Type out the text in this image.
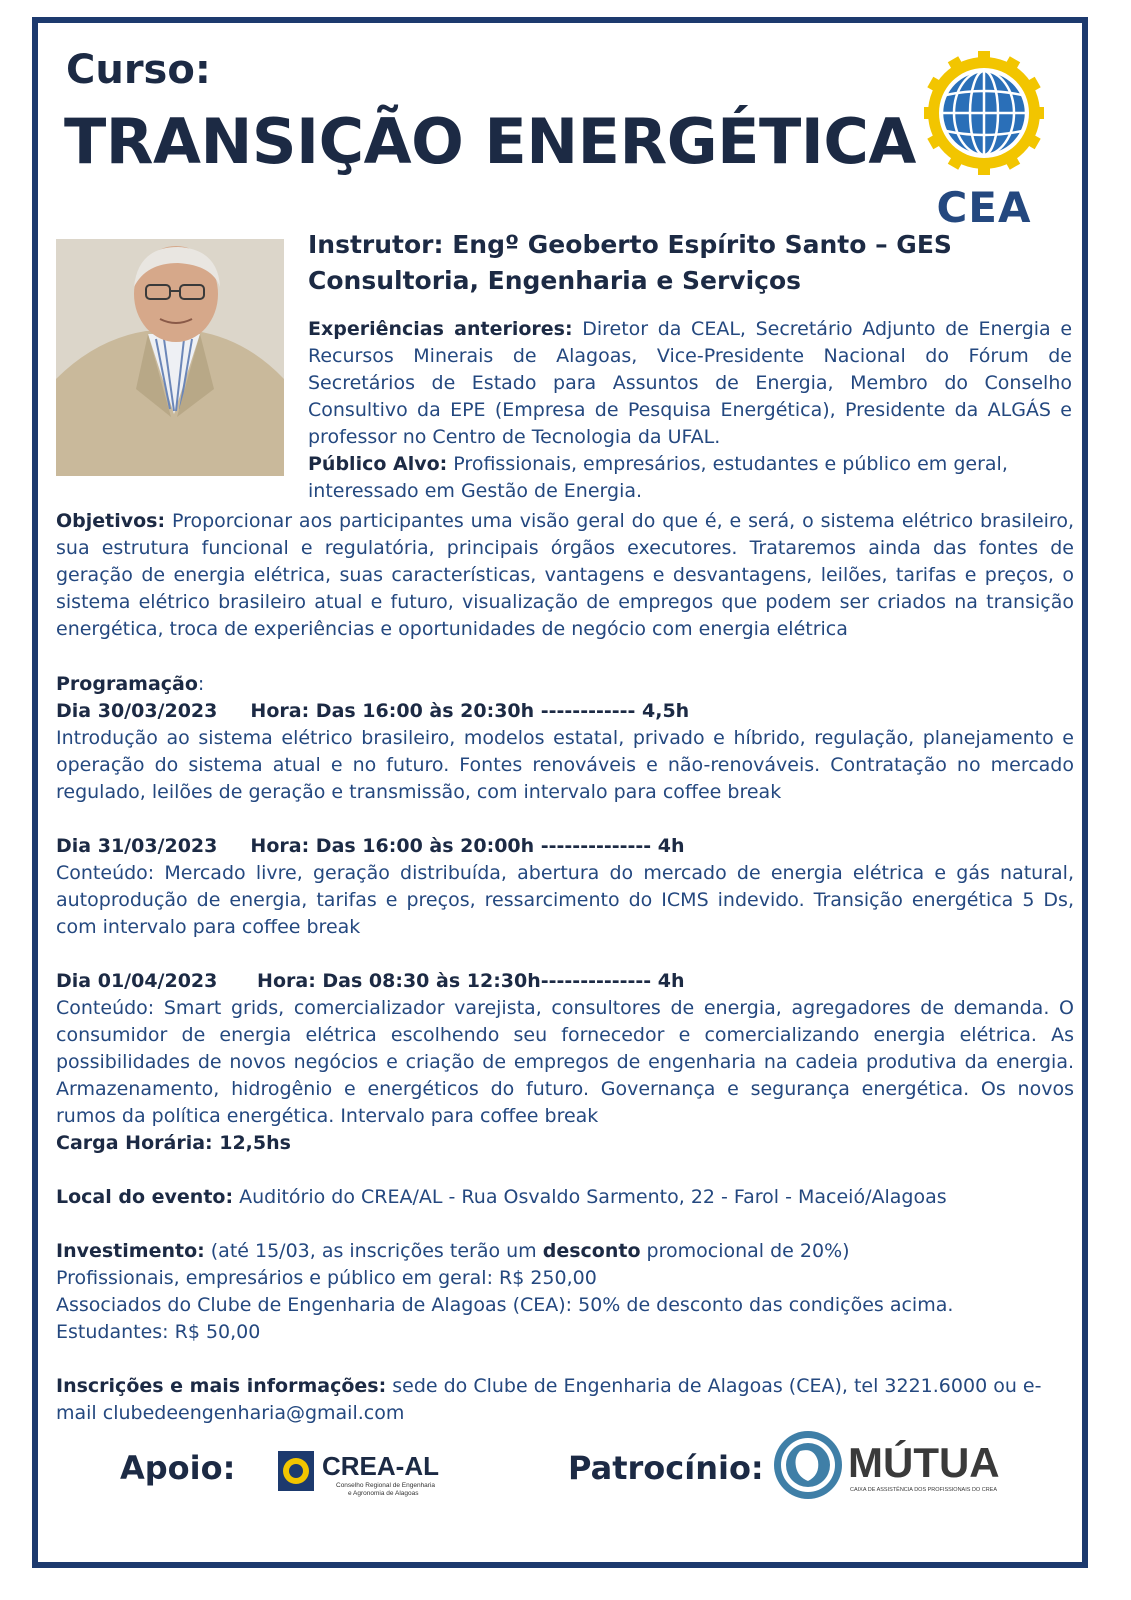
Curso:
TRANSIÇÃO ENERGÉTICA
CEA
Instrutor: Engº Geoberto Espírito Santo – GES
Consultoria, Engenharia e Serviços
Experiências anteriores: Diretor da CEAL, Secretário Adjunto de Energia e Recursos Minerais de Alagoas, Vice-Presidente Nacional do Fórum de Secretários de Estado para Assuntos de Energia, Membro do Conselho Consultivo da EPE (Empresa de Pesquisa Energética), Presidente da ALGÁS e professor no Centro de Tecnologia da UFAL.
Público Alvo: Profissionais, empresários, estudantes e público em geral, interessado em Gestão de Energia.
Objetivos: Proporcionar aos participantes uma visão geral do que é, e será, o sistema elétrico brasileiro, sua estrutura funcional e regulatória, principais órgãos executores. Trataremos ainda das fontes de geração de energia elétrica, suas características, vantagens e desvantagens, leilões, tarifas e preços, o sistema elétrico brasileiro atual e futuro, visualização de empregos que podem ser criados na transição energética, troca de experiências e oportunidades de negócio com energia elétrica
Programação:
Dia 30/03/2023     Hora: Das 16:00 às 20:30h ------------ 4,5h
Introdução ao sistema elétrico brasileiro, modelos estatal, privado e híbrido, regulação, planejamento e operação do sistema atual e no futuro. Fontes renováveis e não-renováveis. Contratação no mercado regulado, leilões de geração e transmissão, com intervalo para coffee break
Dia 31/03/2023     Hora: Das 16:00 às 20:00h -------------- 4h
Conteúdo: Mercado livre, geração distribuída, abertura do mercado de energia elétrica e gás natural, autoprodução de energia, tarifas e preços, ressarcimento do ICMS indevido. Transição energética 5 Ds, com intervalo para coffee break
Dia 01/04/2023      Hora: Das 08:30 às 12:30h-------------- 4h
Conteúdo: Smart grids, comercializador varejista, consultores de energia, agregadores de demanda. O consumidor de energia elétrica escolhendo seu fornecedor e comercializando energia elétrica. As possibilidades de novos negócios e criação de empregos de engenharia na cadeia produtiva da energia. Armazenamento, hidrogênio e energéticos do futuro. Governança e segurança energética. Os novos rumos da política energética. Intervalo para coffee break
Carga Horária: 12,5hs
Local do evento: Auditório do CREA/AL - Rua Osvaldo Sarmento, 22 - Farol - Maceió/Alagoas
Investimento: (até 15/03, as inscrições terão um desconto promocional de 20%)
Profissionais, empresários e público em geral: R$ 250,00
Associados do Clube de Engenharia de Alagoas (CEA): 50% de desconto das condições acima.
Estudantes: R$ 50,00
Inscrições e mais informações: sede do Clube de Engenharia de Alagoas (CEA), tel 3221.6000 ou e-mail clubedeengenharia@gmail.com
Apoio:	CREA-AL
Conselho Regional de Engenharia
e Agronomia de Alagoas
Patrocínio: MÚTUA
CAIXA DE ASSISTÊNCIA DOS PROFISSIONAIS DO CREA
